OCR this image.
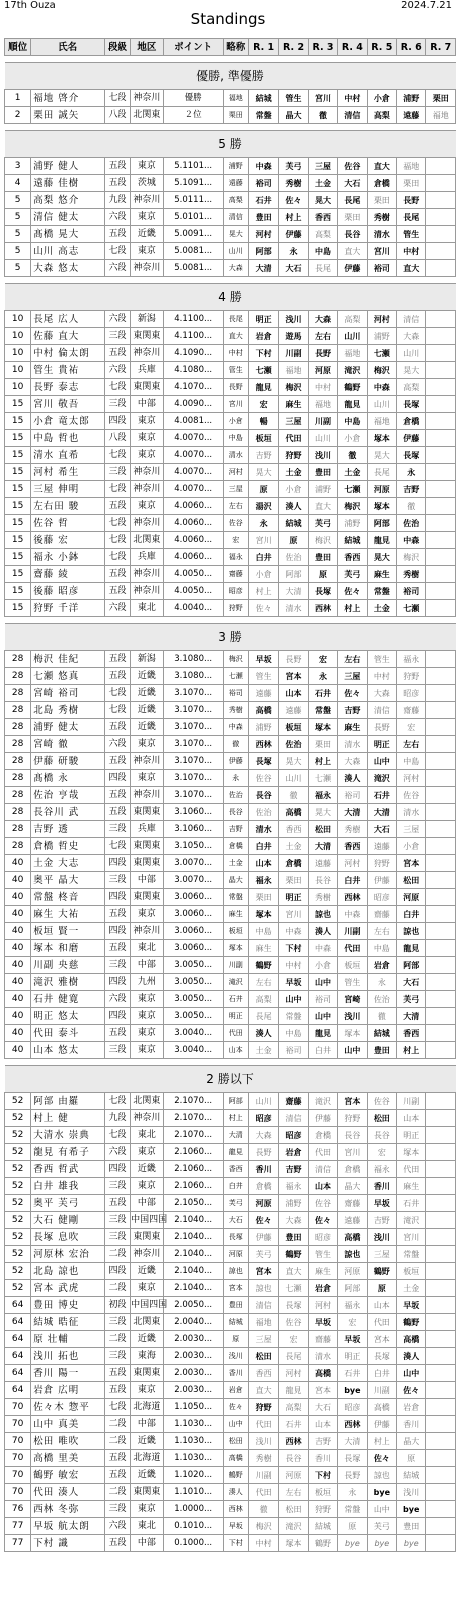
17th Ouza	2024.7.21
Standings
順位	氏名	段級	地区	ポイント	略称	R. 1	R. 2	R. 3	R. 4	R. 5	R. 6	R. 7

優勝, 準優勝												
1	福地 啓介	七段	神奈川	優勝	福地	結城	管生	宮川	中村	小倉	浦野	栗田
2	栗田 誠矢	八段	北関東	２位	栗田	常盤	晶大	徹	清信	高梨	遠藤	福地

5 勝												
3	浦野 健人	五段	東京	5.1101...	浦野	中森	芙弓	三屋	佐谷	直大	福地	
4	遠藤 佳樹	五段	茨城	5.1091...	遠藤	裕司	秀樹	土金	大石	倉橋	栗田	
5	高梨 悠介	九段	神奈川	5.0111...	高梨	石井	佐々	晃大	長尾	栗田	長野	
5	清信 健太	六段	東京	5.0101...	清信	豊田	村上	香西	栗田	秀樹	長尾	
5	髙橋 晃大	五段	近畿	5.0091...	晃大	河村	伊藤	高梨	長谷	清水	管生	
5	山川 高志	七段	東京	5.0081...	山川	阿部	永	中島	直大	宮川	中村	
5	大森 悠太	六段	神奈川	5.0081...	大森	大清	大石	長尾	伊藤	裕司	直大	

4 勝												
10	長尾 広人	六段	新潟	4.1100...	長尾	明正	浅川	大森	高梨	河村	清信	
10	佐藤 直大	三段	東関東	4.1100...	直大	岩倉	遊馬	左右	山川	浦野	大森	
10	中村 倫太朗	五段	神奈川	4.1090...	中村	下村	川副	長野	福地	七瀬	山川	
10	管生 貴祐	六段	兵庫	4.1080...	管生	七瀬	福地	河原	滝沢	梅沢	晃大	
10	長野 泰志	七段	東関東	4.1070...	長野	龍見	梅沢	中村	鶴野	中森	高梨	
15	宮川 敬吾	三段	中部	4.0090...	宮川	宏	麻生	福地	龍見	山川	長塚	
15	小倉 竜太郎	四段	東京	4.0081...	小倉	暢	三屋	川副	中島	福地	倉橋	
15	中島 哲也	八段	東京	4.0070...	中島	板垣	代田	山川	小倉	塚本	伊藤	
15	清水 直希	七段	東京	4.0070...	清水	吉野	狩野	浅川	徹	晃大	長塚	
15	河村 希生	三段	神奈川	4.0070...	河村	晃大	土金	豊田	土金	長尾	永	
15	三屋 伸明	七段	神奈川	4.0070...	三屋	原	小倉	浦野	七瀬	河原	吉野	
15	左右田 駿	五段	東京	4.0060...	左右	湯沢	湊人	直大	梅沢	塚本	徹	
15	佐谷 哲	七段	神奈川	4.0060...	佐谷	永	結城	芙弓	浦野	阿部	佐治	
15	後藤 宏	七段	北関東	4.0060...	宏	宮川	原	梅沢	結城	龍見	中森	
15	福永 小鉢	七段	兵庫	4.0060...	福永	白井	佐治	豊田	香西	晃大	梅沢	
15	齋藤 綾	五段	神奈川	4.0050...	齋藤	小倉	阿部	原	芙弓	麻生	秀樹	
15	後藤 昭彦	五段	神奈川	4.0050...	昭彦	村上	大清	長塚	佐々	常盤	裕司	
15	狩野 千洋	六段	東北	4.0040...	狩野	佐々	清水	西林	村上	土金	七瀬	

3 勝												
28	梅沢 佳紀	五段	新潟	3.1080...	梅沢	早坂	長野	宏	左右	管生	福永	
28	七瀬 悠真	五段	近畿	3.1080...	七瀬	管生	宮本	永	三屋	中村	狩野	
28	宮崎 裕司	七段	近畿	3.1070...	裕司	遠藤	山本	石井	佐々	大森	昭彦	
28	北島 秀樹	七段	近畿	3.1070...	秀樹	高橋	遠藤	常盤	吉野	清信	齋藤	
28	浦野 健太	五段	近畿	3.1070...	中森	浦野	板垣	塚本	麻生	長野	宏	
28	宮崎 徹	六段	東京	3.1070...	徹	西林	佐治	栗田	清水	明正	左右	
28	伊藤 研駿	五段	神奈川	3.1070...	伊藤	長塚	晃大	村上	大森	山中	中島	
28	髙橋 永	四段	東京	3.1070...	永	佐谷	山川	七瀬	湊人	滝沢	河村	
28	佐治 亨哉	五段	神奈川	3.1070...	佐治	長谷	徹	福永	裕司	石井	佐谷	
28	長谷川 武	五段	東関東	3.1060...	長谷	佐治	高橋	晃大	大清	大清	清水	
28	吉野 透	三段	兵庫	3.1060...	吉野	清水	香西	松田	秀樹	大石	三屋	
28	倉橋 哲史	七段	東関東	3.1050...	倉橋	白井	土金	大清	香西	遠藤	小倉	
40	土金 大志	四段	東関東	3.0070...	土金	山本	倉橋	遠藤	河村	狩野	宮本	
40	奥平 晶大	三段	中部	3.0070...	晶大	福永	栗田	長谷	白井	伊藤	松田	
40	常盤 柊音	四段	東関東	3.0060...	常盤	栗田	明正	秀樹	西林	昭彦	河原	
40	麻生 大祐	五段	東京	3.0060...	麻生	塚本	宮川	諒也	中森	齋藤	白井	
40	板垣 賢一	四段	神奈川	3.0060...	板垣	中島	中森	湊人	川副	左右	諒也	
40	塚本 和磨	五段	東北	3.0060...	塚本	麻生	下村	中森	代田	中島	龍見	
40	川副 央慈	三段	中部	3.0050...	川副	鶴野	中村	小倉	板垣	岩倉	阿部	
40	滝沢 雅樹	四段	九州	3.0050...	滝沢	左右	早坂	山中	管生	永	大石	
40	石井 健寛	六段	東京	3.0050...	石井	高梨	山中	裕司	宮崎	佐治	芙弓	
40	明正 悠太	四段	東京	3.0050...	明正	長尾	常盤	山中	浅川	徹	大清	
40	代田 泰斗	五段	東京	3.0040...	代田	湊人	中島	龍見	塚本	結城	香西	
40	山本 悠太	三段	東京	3.0040...	山本	土金	裕司	白井	山中	豊田	村上	

2 勝以下												
52	阿部 由羅	七段	北関東	2.1070...	阿部	山川	齋藤	滝沢	宮本	佐谷	川副	
52	村上 健	九段	神奈川	2.1070...	村上	昭彦	清信	伊藤	狩野	松田	山本	
52	大清水 崇典	七段	東北	2.1070...	大清	大森	昭彦	倉橋	長谷	長谷	明正	
52	龍見 有希子	六段	東京	2.1060...	龍見	長野	岩倉	代田	宮川	宏	塚本	
52	香西 哲武	四段	近畿	2.1060...	香西	香川	吉野	清信	倉橋	福永	代田	
52	白井 雄我	三段	東京	2.1060...	白井	倉橋	福永	山本	晶大	香川	麻生	
52	奥平 芙弓	五段	中部	2.1050...	芙弓	河原	浦野	佐谷	齋藤	早坂	石井	
52	大石 健剛	三段	中国四国	2.1040...	大石	佐々	大森	佐々	遠藤	吉野	滝沢	
52	長塚 息吹	三段	東関東	2.1040...	長塚	伊藤	豊田	昭彦	高橋	浅川	宮川	
52	河原林 宏治	二段	神奈川	2.1040...	河原	芙弓	鶴野	管生	諒也	三屋	常盤	
52	北島 諒也	四段	近畿	2.1040...	諒也	宮本	直大	麻生	河原	鶴野	板垣	
52	宮本 武虎	二段	東京	2.1040...	宮本	諒也	七瀬	岩倉	阿部	原	土金	
64	豊田 博史	初段	中国四国	2.0050...	豊田	清信	長塚	河村	福永	山本	早坂	
64	結城 晧征	三段	北関東	2.0040...	結城	福地	佐谷	早坂	宏	代田	鶴野	
64	原 壮輔	二段	近畿	2.0030...	原	三屋	宏	齋藤	早坂	宮本	高橋	
64	浅川 拓也	三段	東海	2.0030...	浅川	松田	長尾	清水	明正	長塚	湊人	
64	香川 陽一	五段	東関東	2.0030...	香川	香西	河村	高橋	石井	白井	山中	
64	岩倉 広明	五段	東京	2.0030...	岩倉	直大	龍見	宮本	bye	川副	佐々	
70	佐々木 惣平	七段	北海道	1.1050...	佐々	狩野	高梨	大石	昭彦	高橋	岩倉	
70	山中 真美	二段	中部	1.1030...	山中	代田	石井	山本	西林	伊藤	香川	
70	松田 唯吹	二段	近畿	1.1030...	松田	浅川	西林	吉野	大清	村上	晶大	
70	高橋 里美	五段	北海道	1.1030...	高橋	秀樹	長谷	香川	長塚	佐々	原	
70	鶴野 敏宏	五段	近畿	1.1020...	鶴野	川副	河原	下村	長野	諒也	結城	
70	代田 湊人	二段	東関東	1.1010...	湊人	代田	左右	板垣	永	bye	浅川	
76	西林 冬弥	三段	東京	1.0000...	西林	徹	松田	狩野	常盤	山中	bye	
77	早坂 航太朗	六段	東北	0.1010...	早坂	梅沢	滝沢	結城	原	芙弓	豊田	
77	下村 識	五段	中部	0.1000...	下村	中村	塚本	鶴野	bye	bye	bye	
